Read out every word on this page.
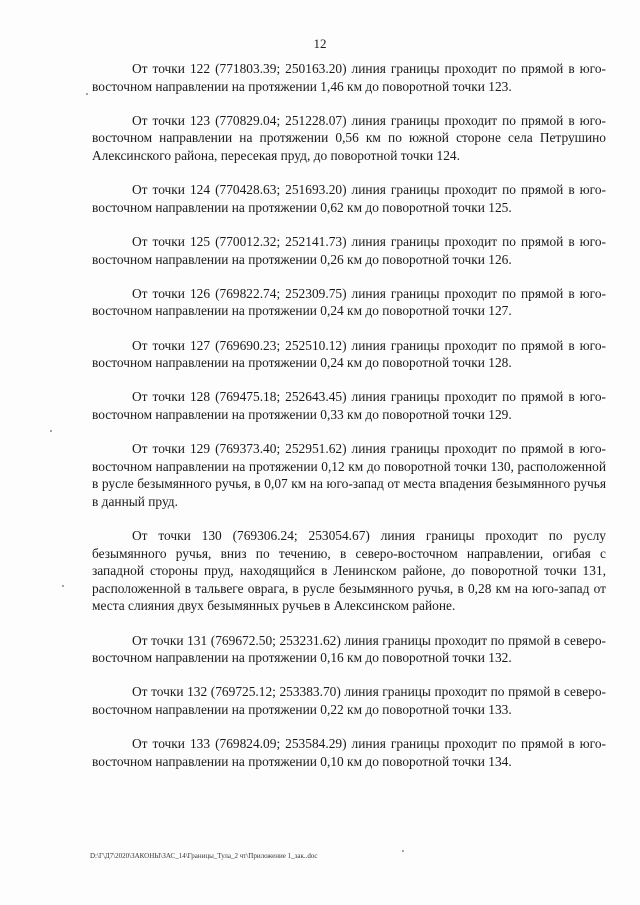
12

От точки 122 (771803.39; 250163.20) линия границы проходит по прямой в юго-восточном направлении на протяжении 1,46 км до поворотной точки 123.

От точки 123 (770829.04; 251228.07) линия границы проходит по прямой в юго-восточном направлении на протяжении 0,56 км по южной стороне села Петрушино Алексинского района, пересекая пруд, до поворотной точки 124.

От точки 124 (770428.63; 251693.20) линия границы проходит по прямой в юго-восточном направлении на протяжении 0,62 км до поворотной точки 125.

От точки 125 (770012.32; 252141.73) линия границы проходит по прямой в юго-восточном направлении на протяжении 0,26 км до поворотной точки 126.

От точки 126 (769822.74; 252309.75) линия границы проходит по прямой в юго-восточном направлении на протяжении 0,24 км до поворотной точки 127.

От точки 127 (769690.23; 252510.12) линия границы проходит по прямой в юго-восточном направлении на протяжении 0,24 км до поворотной точки 128.

От точки 128 (769475.18; 252643.45) линия границы проходит по прямой в юго-восточном направлении на протяжении 0,33 км до поворотной точки 129.

От точки 129 (769373.40; 252951.62) линия границы проходит по прямой в юго-восточном направлении на протяжении 0,12 км до поворотной точки 130, расположенной в русле безымянного ручья, в 0,07 км на юго-запад от места впадения безымянного ручья в данный пруд.

От точки 130 (769306.24; 253054.67) линия границы проходит по руслу безымянного ручья, вниз по течению, в северо-восточном направлении, огибая с западной стороны пруд, находящийся в Ленинском районе, до поворотной точки 131, расположенной в тальвеге оврага, в русле безымянного ручья, в 0,28 км на юго-запад от места слияния двух безымянных ручьев в Алексинском районе.

От точки 131 (769672.50; 253231.62) линия границы проходит по прямой в северо-восточном направлении на протяжении 0,16 км до поворотной точки 132.

От точки 132 (769725.12; 253383.70) линия границы проходит по прямой в северо-восточном направлении на протяжении 0,22 км до поворотной точки 133.

От точки 133 (769824.09; 253584.29) линия границы проходит по прямой в юго-восточном направлении на протяжении 0,10 км до поворотной точки 134.

D:\Г\Д7\2020\ЗАКОНЫ\ЗАС_14\Границы_Тула_2 чт\Приложение 1_зак..doc
